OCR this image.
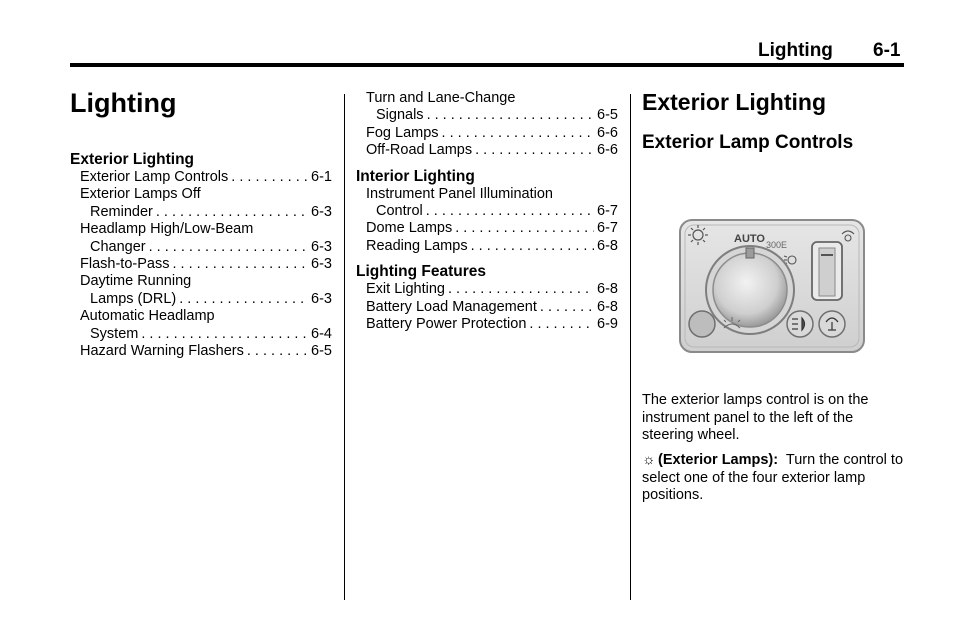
Lighting 6-1
Lighting
Exterior Lighting
Exterior Lamp Controls . . .	6-1
Exterior Lamps Off
Reminder . . .	6-3
Headlamp High/Low-Beam
Changer . . .	6-3
Flash-to-Pass . . .	6-3
Daytime Running
Lamps (DRL) . . .	6-3
Automatic Headlamp
System . . .	6-4
Hazard Warning Flashers . . .	6-5
Turn and Lane-Change
Signals . . .	6-5
Fog Lamps . . .	6-6
Off-Road Lamps . . .	6-6
Interior Lighting
Instrument Panel Illumination
Control . . .	6-7
Dome Lamps . . .	6-7
Reading Lamps . . .	6-8
Lighting Features
Exit Lighting . . .	6-8
Battery Load Management . . .	6-8
Battery Power Protection . . .	6-9
Exterior Lighting
Exterior Lamp Controls
AUTO 300E

The exterior lamps control is on the instrument panel to the left of the steering wheel.

☼ (Exterior Lamps): Turn the control to select one of the four exterior lamp positions.
